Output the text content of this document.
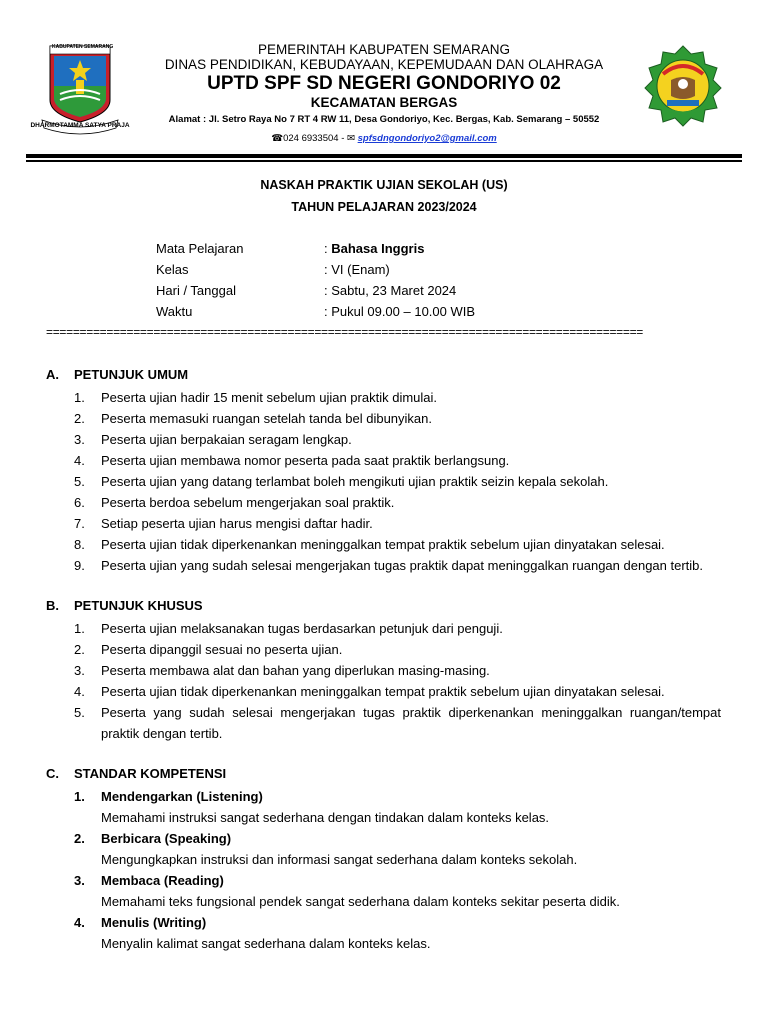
KABUPATEN SEMARANG
DHARMOTAMMA SATYA PRAJA
PEMERINTAH KABUPATEN SEMARANG
DINAS PENDIDIKAN, KEBUDAYAAN, KEPEMUDAAN DAN OLAHRAGA
UPTD SPF SD NEGERI GONDORIYO 02
KECAMATAN BERGAS
Alamat : Jl. Setro Raya No 7 RT 4 RW 11, Desa Gondoriyo, Kec. Bergas, Kab. Semarang – 50552
☎024 6933504 - ✉ spfsdngondoriyo2@gmail.com
NASKAH PRAKTIK UJIAN SEKOLAH (US)
TAHUN PELAJARAN 2023/2024
Mata Pelajaran	: Bahasa Inggris
Kelas	: VI (Enam)
Hari / Tanggal	: Sabtu, 23 Maret 2024
Waktu	: Pukul 09.00 – 10.00 WIB
=========================================================================================
A.	PETUNJUK UMUM
1.	Peserta ujian hadir 15 menit sebelum ujian praktik dimulai.
2.	Peserta memasuki ruangan setelah tanda bel dibunyikan.
3.	Peserta ujian berpakaian seragam lengkap.
4.	Peserta ujian membawa nomor peserta pada saat praktik berlangsung.
5.	Peserta ujian yang datang terlambat boleh mengikuti ujian praktik seizin kepala sekolah.
6.	Peserta berdoa sebelum mengerjakan soal praktik.
7.	Setiap peserta ujian harus mengisi daftar hadir.
8.	Peserta ujian tidak diperkenankan meninggalkan tempat praktik sebelum ujian dinyatakan selesai.
9.	Peserta ujian yang sudah selesai mengerjakan tugas praktik dapat meninggalkan ruangan dengan tertib.
B.	PETUNJUK KHUSUS
1.	Peserta ujian melaksanakan tugas berdasarkan petunjuk dari penguji.
2.	Peserta dipanggil sesuai no peserta ujian.
3.	Peserta membawa alat dan bahan yang diperlukan masing-masing.
4.	Peserta ujian tidak diperkenankan meninggalkan tempat praktik sebelum ujian dinyatakan selesai.
5.	Peserta yang sudah selesai mengerjakan tugas praktik diperkenankan meninggalkan ruangan/tempat
praktik dengan tertib.
C.	STANDAR KOMPETENSI
1.	Mendengarkan (Listening)
Memahami instruksi sangat sederhana dengan tindakan dalam konteks kelas.
2.	Berbicara (Speaking)
Mengungkapkan instruksi dan informasi sangat sederhana dalam konteks sekolah.
3.	Membaca (Reading)
Memahami teks fungsional pendek sangat sederhana dalam konteks sekitar peserta didik.
4.	Menulis (Writing)
Menyalin kalimat sangat sederhana dalam konteks kelas.
